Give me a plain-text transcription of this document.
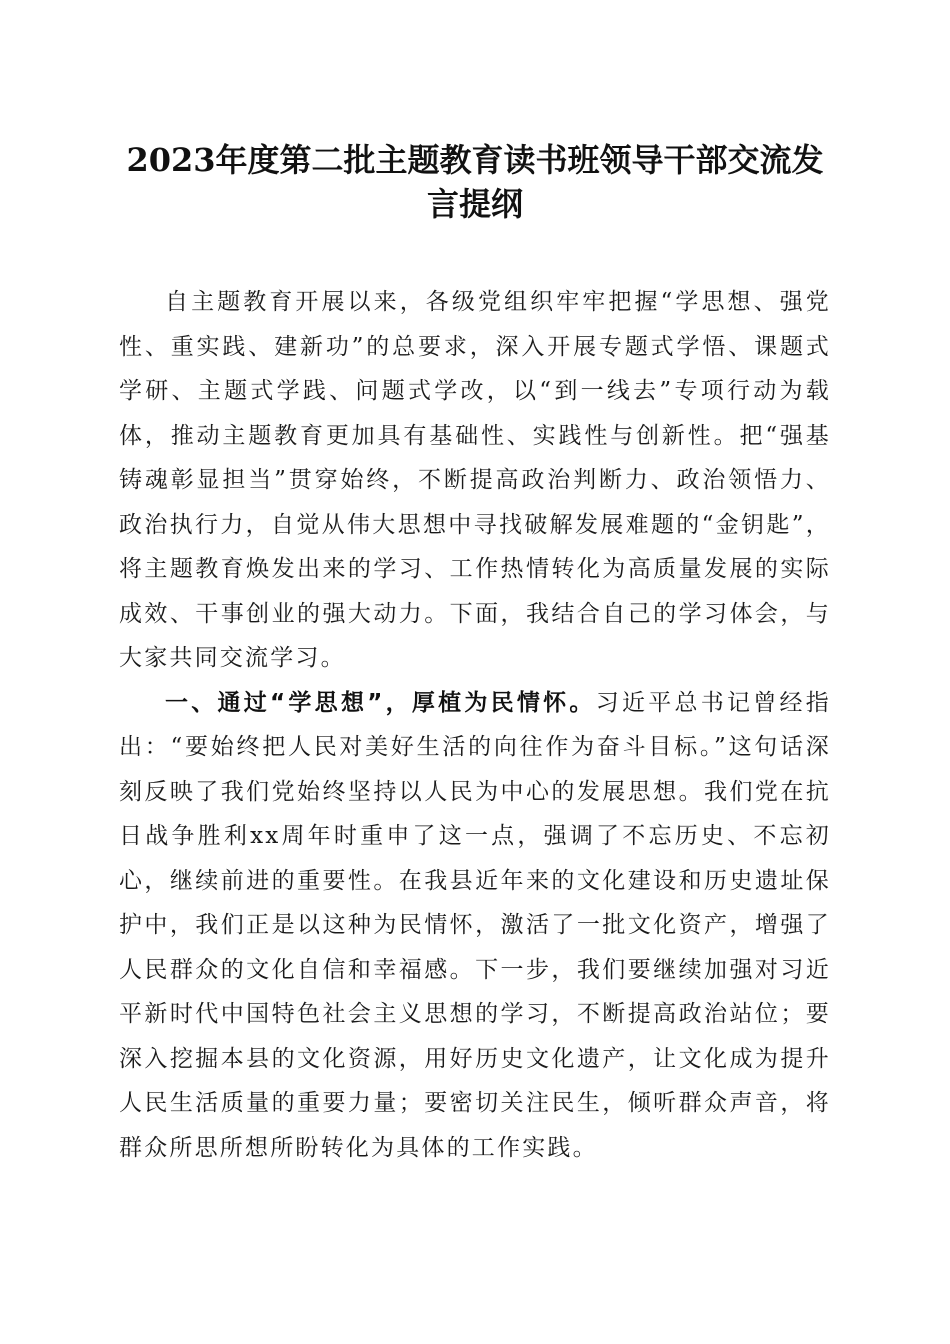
2023年度第二批主题教育读书班领导干部交流发言提纲

自主题教育开展以来，各级党组织牢牢把握“学思想、强党性、重实践、建新功”的总要求，深入开展专题式学悟、课题式学研、主题式学践、问题式学改，以“到一线去”专项行动为载体，推动主题教育更加具有基础性、实践性与创新性。把“强基铸魂彰显担当”贯穿始终，不断提高政治判断力、政治领悟力、政治执行力，自觉从伟大思想中寻找破解发展难题的“金钥匙”，将主题教育焕发出来的学习、工作热情转化为高质量发展的实际成效、干事创业的强大动力。下面，我结合自己的学习体会，与大家共同交流学习。

一、通过“学思想”，厚植为民情怀。习近平总书记曾经指出：“要始终把人民对美好生活的向往作为奋斗目标。”这句话深刻反映了我们党始终坚持以人民为中心的发展思想。我们党在抗日战争胜利xx周年时重申了这一点，强调了不忘历史、不忘初心，继续前进的重要性。在我县近年来的文化建设和历史遗址保护中，我们正是以这种为民情怀，激活了一批文化资产，增强了人民群众的文化自信和幸福感。下一步，我们要继续加强对习近平新时代中国特色社会主义思想的学习，不断提高政治站位；要深入挖掘本县的文化资源，用好历史文化遗产，让文化成为提升人民生活质量的重要力量；要密切关注民生，倾听群众声音，将群众所思所想所盼转化为具体的工作实践。
